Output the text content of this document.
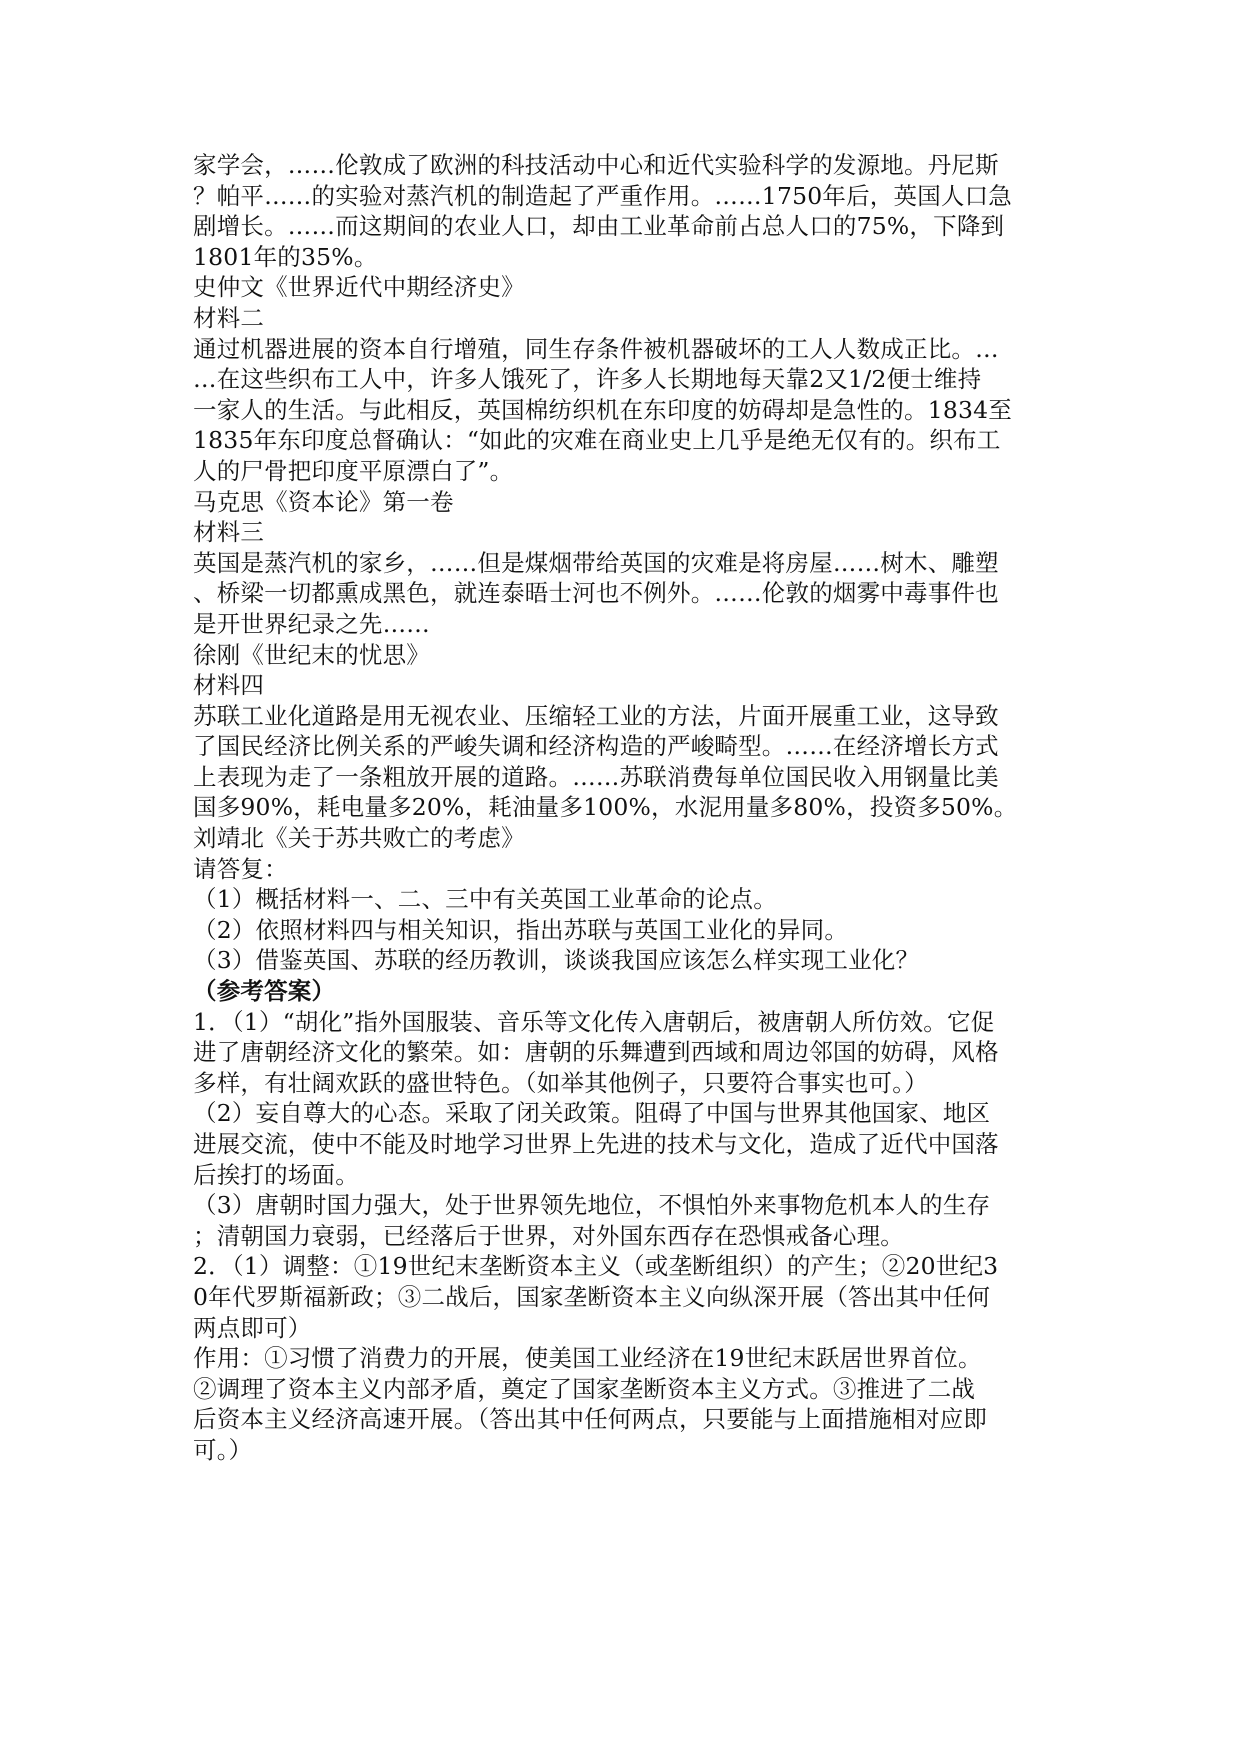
家学会，……伦敦成了欧洲的科技活动中心和近代实验科学的发源地。丹尼斯
？帕平……的实验对蒸汽机的制造起了严重作用。……1750年后，英国人口急
剧增长。……而这期间的农业人口，却由工业革命前占总人口的75%，下降到
1801年的35%。
史仲文《世界近代中期经济史》
材料二
通过机器进展的资本自行增殖，同生存条件被机器破坏的工人人数成正比。…
…在这些织布工人中，许多人饿死了，许多人长期地每天靠2又1/2便士维持
一家人的生活。与此相反，英国棉纺织机在东印度的妨碍却是急性的。1834至
1835年东印度总督确认：“如此的灾难在商业史上几乎是绝无仅有的。织布工
人的尸骨把印度平原漂白了”。
马克思《资本论》第一卷
材料三
英国是蒸汽机的家乡，……但是煤烟带给英国的灾难是将房屋……树木、雕塑
、桥梁一切都熏成黑色，就连泰晤士河也不例外。……伦敦的烟雾中毒事件也
是开世界纪录之先……
徐刚《世纪末的忧思》
材料四
苏联工业化道路是用无视农业、压缩轻工业的方法，片面开展重工业，这导致
了国民经济比例关系的严峻失调和经济构造的严峻畸型。……在经济增长方式
上表现为走了一条粗放开展的道路。……苏联消费每单位国民收入用钢量比美
国多90%，耗电量多20%，耗油量多100%，水泥用量多80%，投资多50%。
刘靖北《关于苏共败亡的考虑》
请答复：
（1）概括材料一、二、三中有关英国工业革命的论点。
（2）依照材料四与相关知识，指出苏联与英国工业化的异同。
（3）借鉴英国、苏联的经历教训，谈谈我国应该怎么样实现工业化？
（参考答案）
1．（1）“胡化”指外国服装、音乐等文化传入唐朝后，被唐朝人所仿效。它促
进了唐朝经济文化的繁荣。如：唐朝的乐舞遭到西域和周边邻国的妨碍，风格
多样，有壮阔欢跃的盛世特色。（如举其他例子，只要符合事实也可。）
（2）妄自尊大的心态。采取了闭关政策。阻碍了中国与世界其他国家、地区
进展交流，使中不能及时地学习世界上先进的技术与文化，造成了近代中国落
后挨打的场面。
（3）唐朝时国力强大，处于世界领先地位，不惧怕外来事物危机本人的生存
；清朝国力衰弱，已经落后于世界，对外国东西存在恐惧戒备心理。
2．（1）调整：①19世纪末垄断资本主义（或垄断组织）的产生；②20世纪3
0年代罗斯福新政；③二战后，国家垄断资本主义向纵深开展（答出其中任何
两点即可）
作用：①习惯了消费力的开展，使美国工业经济在19世纪末跃居世界首位。
②调理了资本主义内部矛盾，奠定了国家垄断资本主义方式。③推进了二战
后资本主义经济高速开展。（答出其中任何两点，只要能与上面措施相对应即
可。）
